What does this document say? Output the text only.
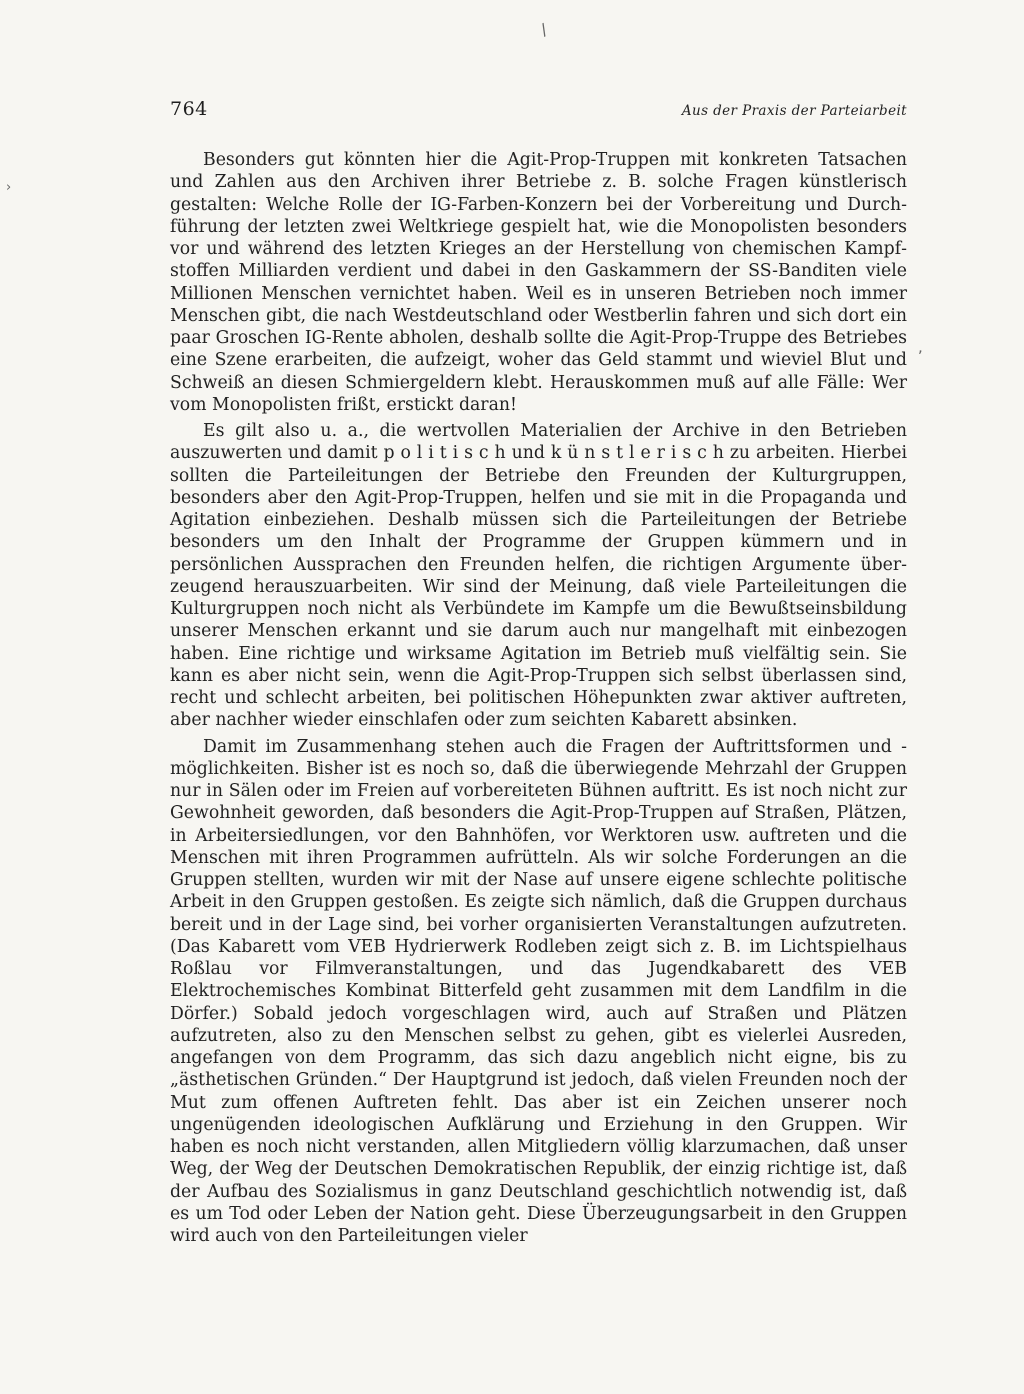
764	Aus der Praxis der Parteiarbeit

Besonders gut könnten hier die Agit-Prop-Truppen mit konkreten Tatsachen und Zahlen aus den Archiven ihrer Betriebe z. B. solche Fragen künstlerisch gestalten: Welche Rolle der IG-Farben-Konzern bei der Vorbereitung und Durchführung der letzten zwei Weltkriege gespielt hat, wie die Monopolisten besonders vor und während des letzten Krieges an der Herstellung von chemischen Kampfstoffen Milliarden verdient und dabei in den Gaskammern der SS-Banditen viele Millionen Menschen vernichtet haben. Weil es in unseren Betrieben noch immer Menschen gibt, die nach Westdeutschland oder Westberlin fahren und sich dort ein paar Groschen IG-Rente abholen, deshalb sollte die Agit-Prop-Truppe des Betriebes eine Szene erarbeiten, die aufzeigt, woher das Geld stammt und wieviel Blut und Schweiß an diesen Schmiergeldern klebt. Herauskommen muß auf alle Fälle: Wer vom Monopolisten frißt, erstickt daran!

Es gilt also u. a., die wertvollen Materialien der Archive in den Betrieben auszuwerten und damit p o l i t i s c h und k ü n s t l e r i s c h zu arbeiten. Hierbei sollten die Parteileitungen der Betriebe den Freunden der Kulturgruppen, besonders aber den Agit-Prop-Truppen, helfen und sie mit in die Propaganda und Agitation einbeziehen. Deshalb müssen sich die Parteileitungen der Betriebe besonders um den Inhalt der Programme der Gruppen kümmern und in persönlichen Aussprachen den Freunden helfen, die richtigen Argumente überzeugend herauszuarbeiten. Wir sind der Meinung, daß viele Parteileitungen die Kulturgruppen noch nicht als Verbündete im Kampfe um die Bewußtseinsbildung unserer Menschen erkannt und sie darum auch nur mangelhaft mit einbezogen haben. Eine richtige und wirksame Agitation im Betrieb muß vielfältig sein. Sie kann es aber nicht sein, wenn die Agit-Prop-Truppen sich selbst überlassen sind, recht und schlecht arbeiten, bei politischen Höhepunkten zwar aktiver auftreten, aber nachher wieder einschlafen oder zum seichten Kabarett absinken.

Damit im Zusammenhang stehen auch die Fragen der Auftrittsformen und -möglichkeiten. Bisher ist es noch so, daß die überwiegende Mehrzahl der Gruppen nur in Sälen oder im Freien auf vorbereiteten Bühnen auftritt. Es ist noch nicht zur Gewohnheit geworden, daß besonders die Agit-Prop-Truppen auf Straßen, Plätzen, in Arbeitersiedlungen, vor den Bahnhöfen, vor Werktoren usw. auftreten und die Menschen mit ihren Programmen aufrütteln. Als wir solche Forderungen an die Gruppen stellten, wurden wir mit der Nase auf unsere eigene schlechte politische Arbeit in den Gruppen gestoßen. Es zeigte sich nämlich, daß die Gruppen durchaus bereit und in der Lage sind, bei vorher organisierten Veranstaltungen aufzutreten. (Das Kabarett vom VEB Hydrierwerk Rodleben zeigt sich z. B. im Lichtspielhaus Roßlau vor Filmveranstaltungen, und das Jugendkabarett des VEB Elektrochemisches Kombinat Bitterfeld geht zusammen mit dem Landfilm in die Dörfer.) Sobald jedoch vorgeschlagen wird, auch auf Straßen und Plätzen aufzutreten, also zu den Menschen selbst zu gehen, gibt es vielerlei Ausreden, angefangen von dem Programm, das sich dazu angeblich nicht eigne, bis zu „ästhetischen Gründen.“ Der Hauptgrund ist jedoch, daß vielen Freunden noch der Mut zum offenen Auftreten fehlt. Das aber ist ein Zeichen unserer noch ungenügenden ideologischen Aufklärung und Erziehung in den Gruppen. Wir haben es noch nicht verstanden, allen Mitgliedern völlig klarzumachen, daß unser Weg, der Weg der Deutschen Demokratischen Republik, der einzig richtige ist, daß der Aufbau des Sozialismus in ganz Deutschland geschichtlich notwendig ist, daß es um Tod oder Leben der Nation geht. Diese Überzeugungsarbeit in den Gruppen wird auch von den Parteileitungen vieler

/
,
›
